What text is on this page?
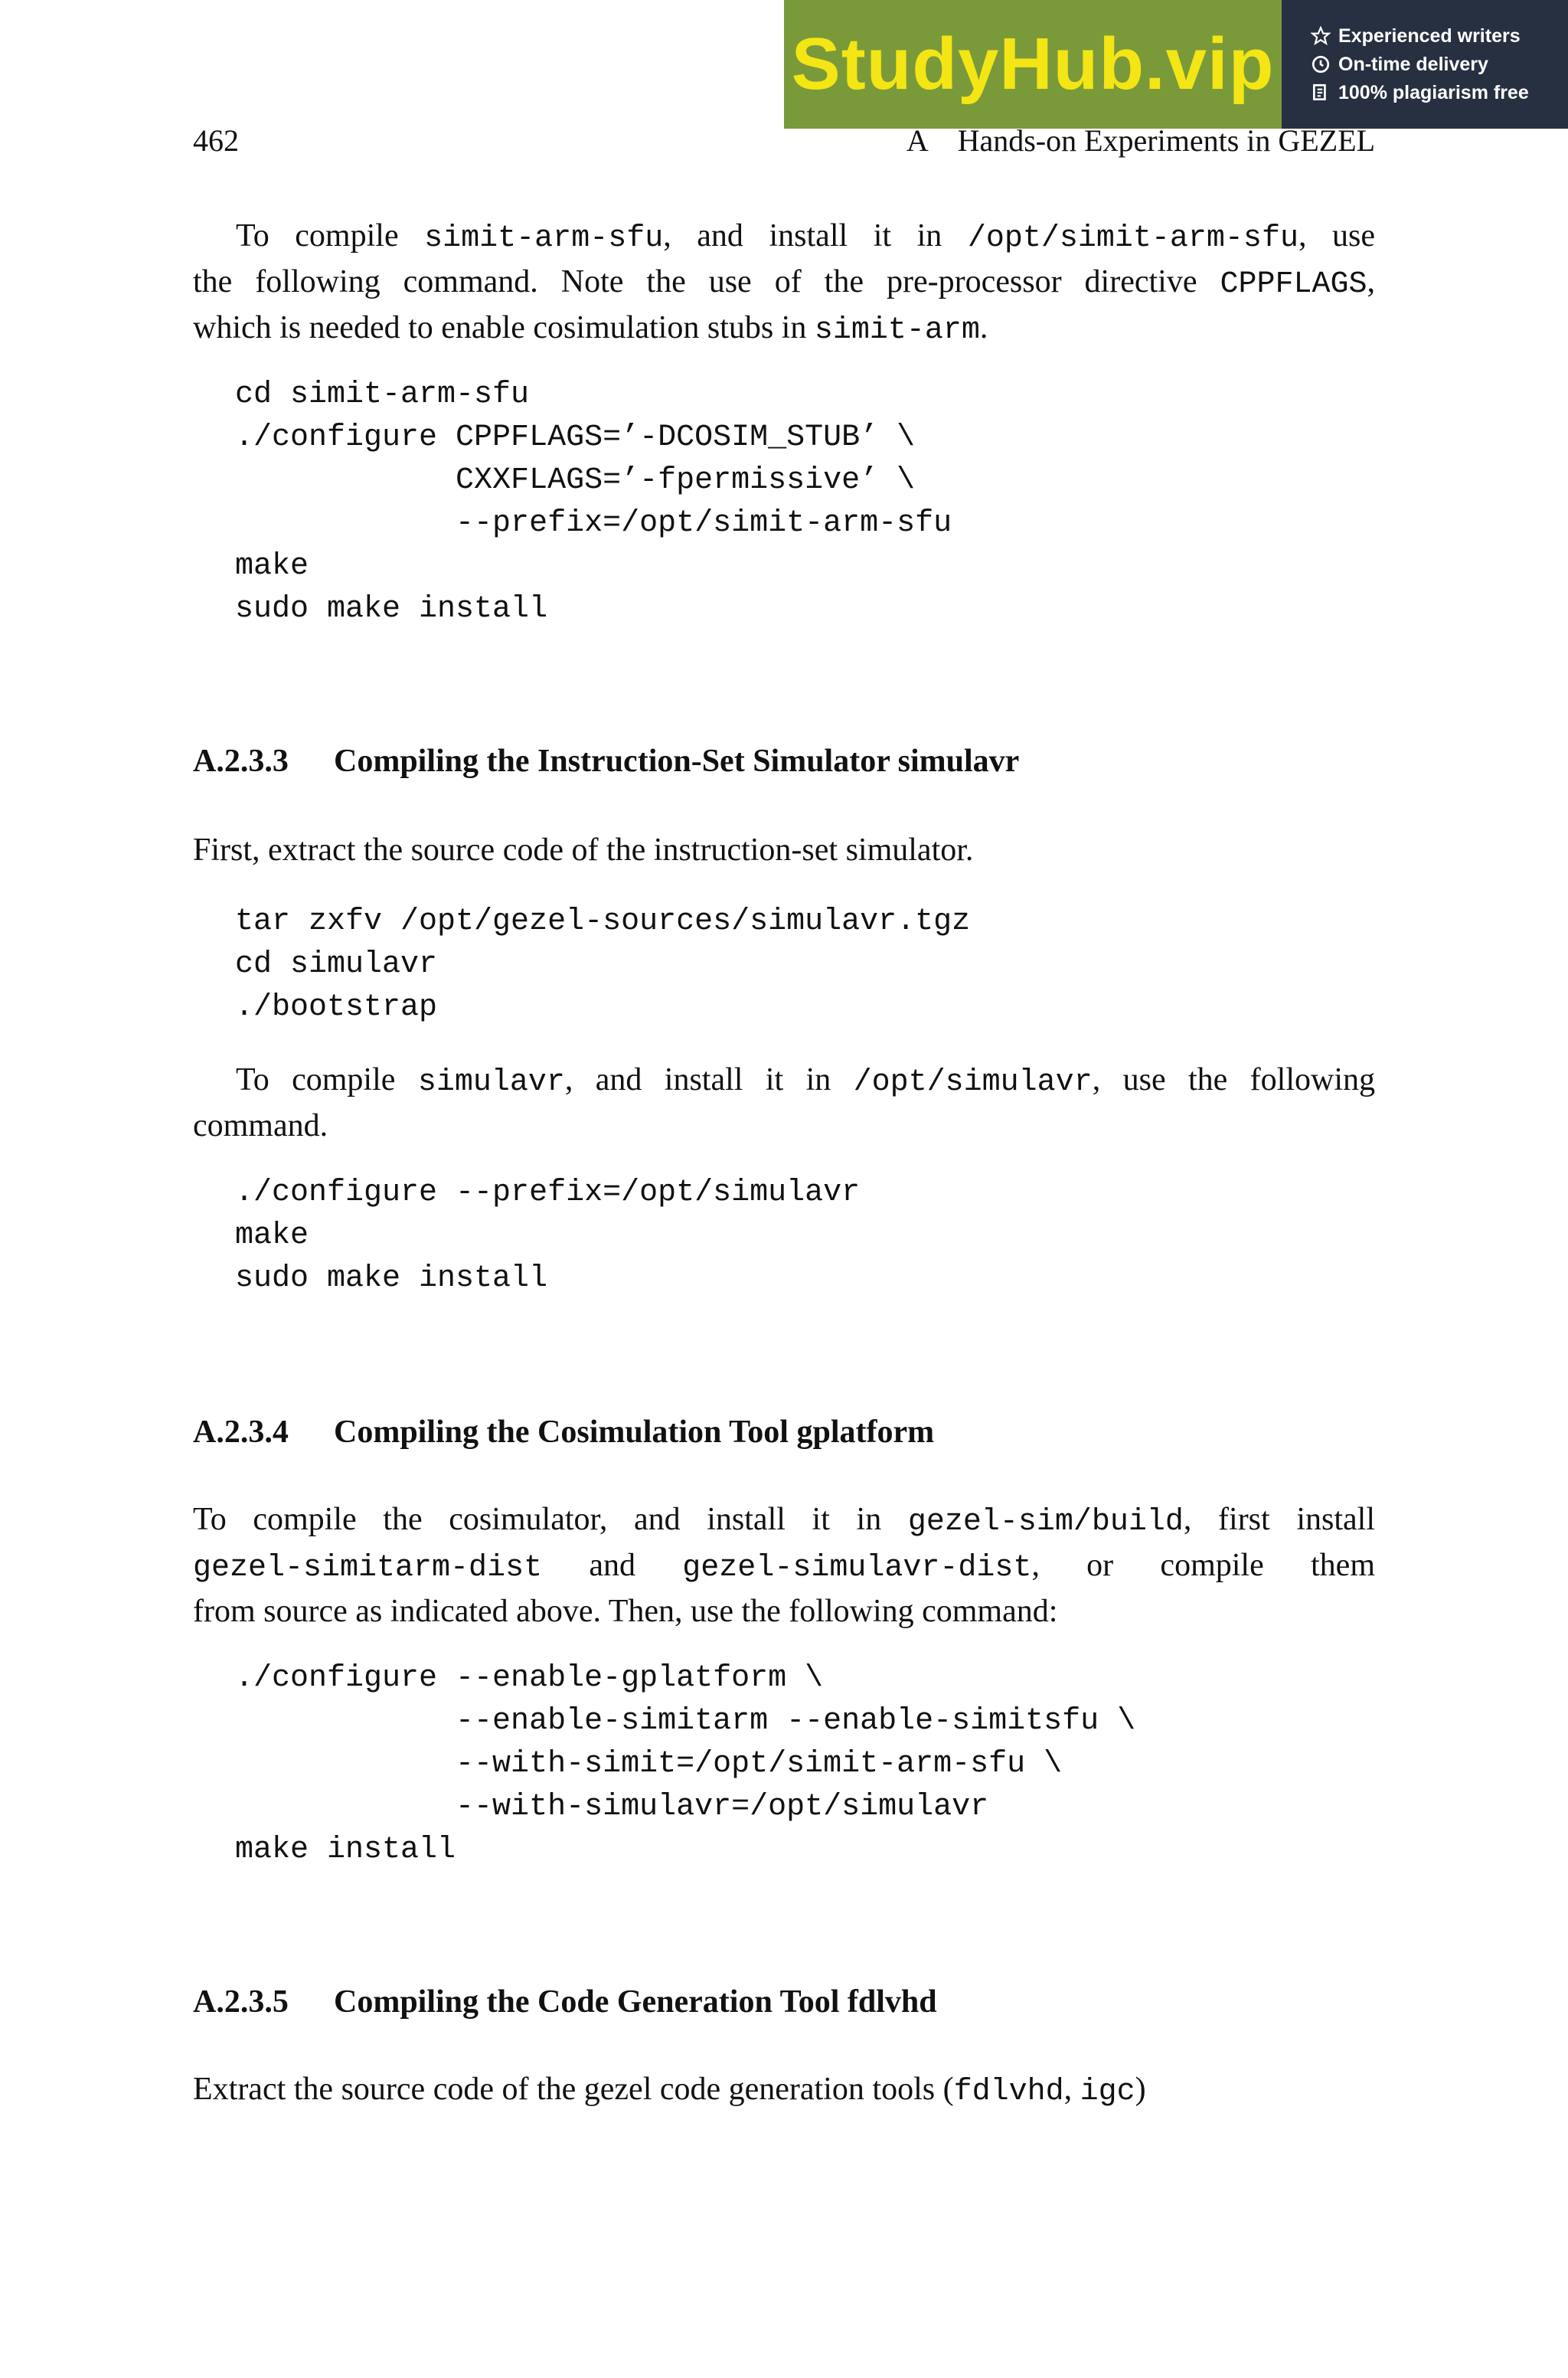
StudyHub.vip	Experienced writers
On-time delivery
100% plagiarism free
462	A    Hands-on Experiments in GEZEL
To compile simit-arm-sfu, and install it in /opt/simit-arm-sfu, use
the following command. Note the use of the pre-processor directive CPPFLAGS,
which is needed to enable cosimulation stubs in simit-arm.
cd simit-arm-sfu
./configure CPPFLAGS=’-DCOSIM_STUB’ \
CXXFLAGS=’-fpermissive’ \
--prefix=/opt/simit-arm-sfu
make
sudo make install
A.2.3.3 Compiling the Instruction-Set Simulator simulavr
First, extract the source code of the instruction-set simulator.
tar zxfv /opt/gezel-sources/simulavr.tgz
cd simulavr
./bootstrap
To compile simulavr, and install it in /opt/simulavr, use the following
command.
./configure --prefix=/opt/simulavr
make
sudo make install
A.2.3.4 Compiling the Cosimulation Tool gplatform
To compile the cosimulator, and install it in gezel-sim/build, first install
gezel-simitarm-dist and gezel-simulavr-dist, or compile them
from source as indicated above. Then, use the following command:
./configure --enable-gplatform \
--enable-simitarm --enable-simitsfu \
--with-simit=/opt/simit-arm-sfu \
--with-simulavr=/opt/simulavr
make install
A.2.3.5 Compiling the Code Generation Tool fdlvhd
Extract the source code of the gezel code generation tools (fdlvhd, igc)
